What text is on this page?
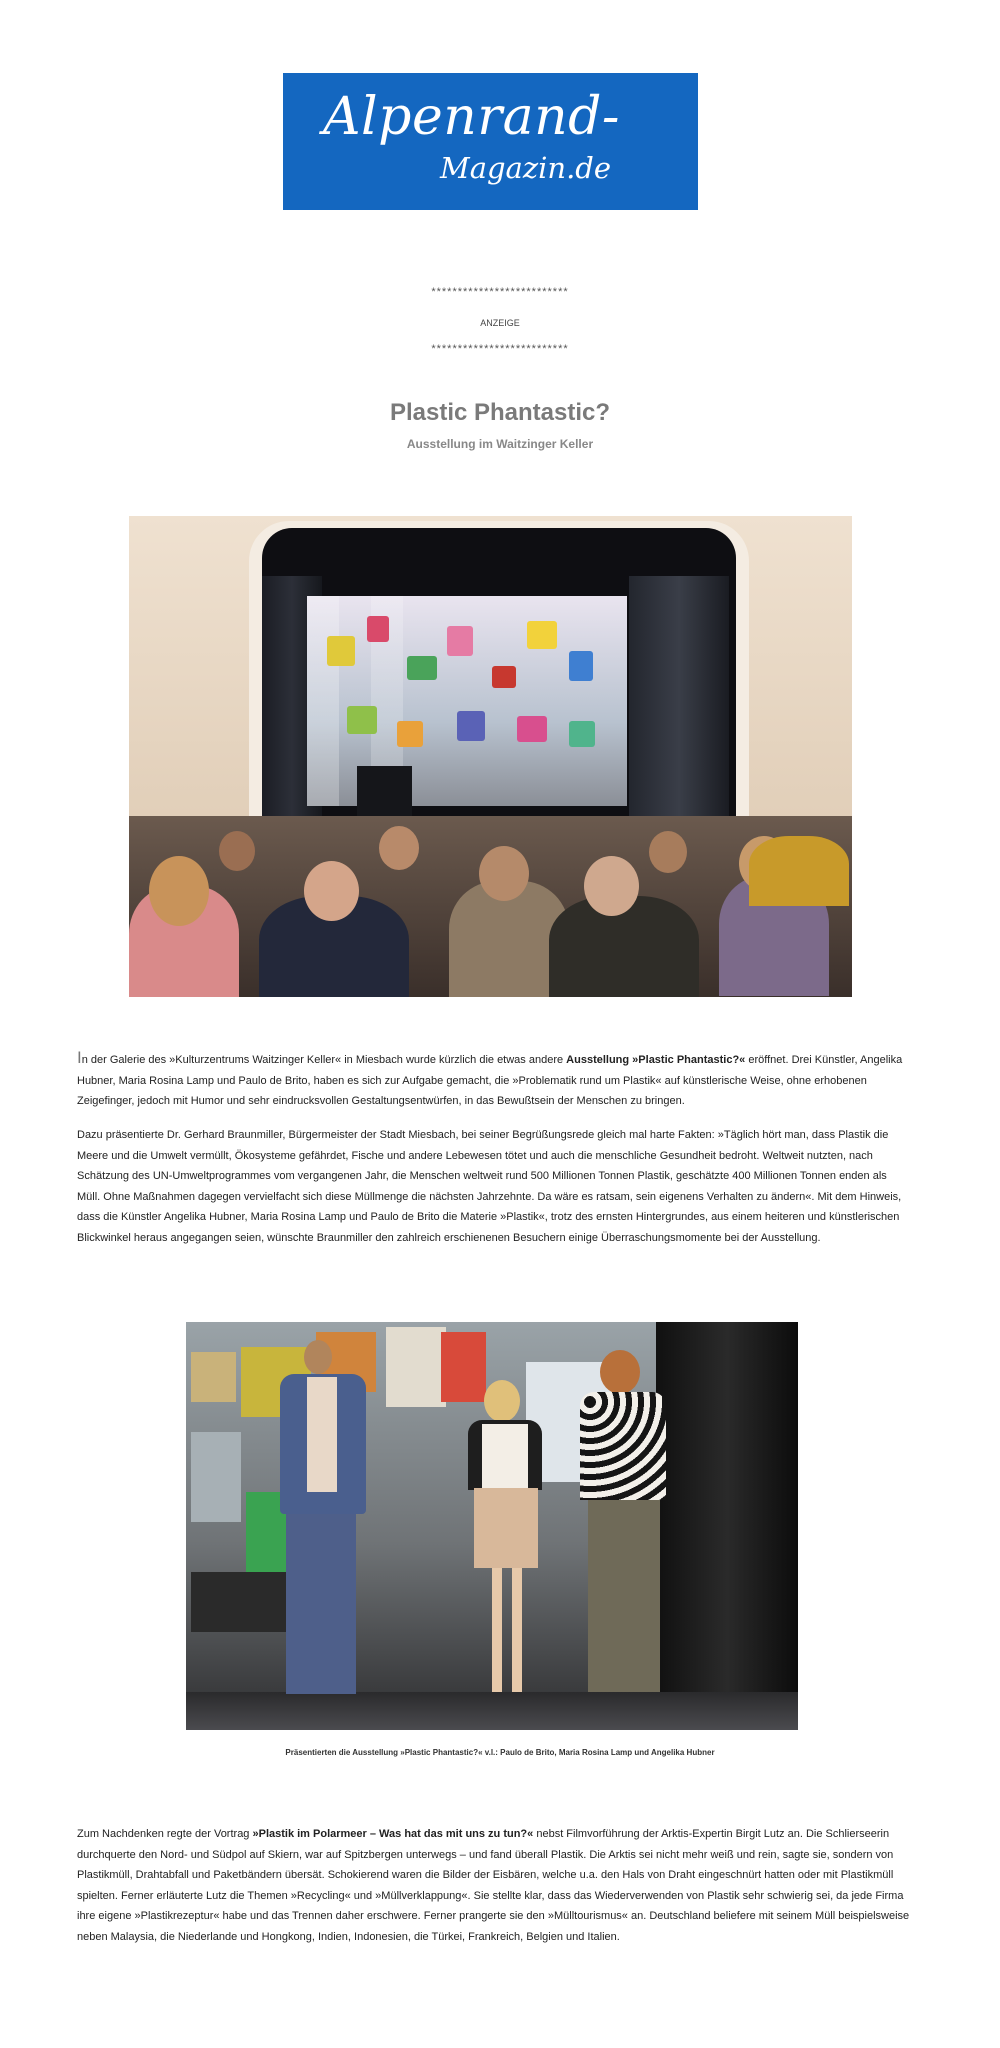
Alpenrand-
Magazin.de
**************************
ANZEIGE
**************************
Plastic Phantastic?
Ausstellung im Waitzinger Keller

In der Galerie des »Kulturzentrums Waitzinger Keller« in Miesbach wurde kürzlich die etwas andere Ausstellung »Plastic Phantastic?« eröffnet. Drei Künstler, Angelika Hubner, Maria Rosina Lamp und Paulo de Brito, haben es sich zur Aufgabe gemacht, die »Problematik rund um Plastik« auf künstlerische Weise, ohne erhobenen Zeigefinger, jedoch mit Humor und sehr eindrucksvollen Gestaltungsentwürfen, in das Bewußtsein der Menschen zu bringen.

Dazu präsentierte Dr. Gerhard Braunmiller, Bürgermeister der Stadt Miesbach, bei seiner Begrüßungsrede gleich mal harte Fakten: »Täglich hört man, dass Plastik die Meere und die Umwelt vermüllt, Ökosysteme gefährdet, Fische und andere Lebewesen tötet und auch die menschliche Gesundheit bedroht. Weltweit nutzten, nach Schätzung des UN-Umweltprogrammes vom vergangenen Jahr, die Menschen weltweit rund 500 Millionen Tonnen Plastik, geschätzte 400 Millionen Tonnen enden als Müll. Ohne Maßnahmen dagegen vervielfacht sich diese Müllmenge die nächsten Jahrzehnte. Da wäre es ratsam, sein eigenens Verhalten zu ändern«. Mit dem Hinweis, dass die Künstler Angelika Hubner, Maria Rosina Lamp und Paulo de Brito die Materie »Plastik«, trotz des ernsten Hintergrundes, aus einem heiteren und künstlerischen Blickwinkel heraus angegangen seien, wünschte Braunmiller den zahlreich erschienenen Besuchern einige Überraschungsmomente bei der Ausstellung.

Präsentierten die Ausstellung »Plastic Phantastic?« v.l.: Paulo de Brito, Maria Rosina Lamp und Angelika Hubner

Zum Nachdenken regte der Vortrag »Plastik im Polarmeer – Was hat das mit uns zu tun?« nebst Filmvorführung der Arktis-Expertin Birgit Lutz an. Die Schlierseerin durchquerte den Nord- und Südpol auf Skiern, war auf Spitzbergen unterwegs – und fand überall Plastik. Die Arktis sei nicht mehr weiß und rein, sagte sie, sondern von Plastikmüll, Drahtabfall und Paketbändern übersät. Schokierend waren die Bilder der Eisbären, welche u.a. den Hals von Draht eingeschnürt hatten oder mit Plastikmüll spielten. Ferner erläuterte Lutz die Themen »Recycling« und »Müllverklappung«. Sie stellte klar, dass das Wiederverwenden von Plastik sehr schwierig sei, da jede Firma ihre eigene »Plastikrezeptur« habe und das Trennen daher erschwere. Ferner prangerte sie den »Mülltourismus« an. Deutschland beliefere mit seinem Müll beispielsweise neben Malaysia, die Niederlande und Hongkong, Indien, Indonesien, die Türkei, Frankreich, Belgien und Italien.
